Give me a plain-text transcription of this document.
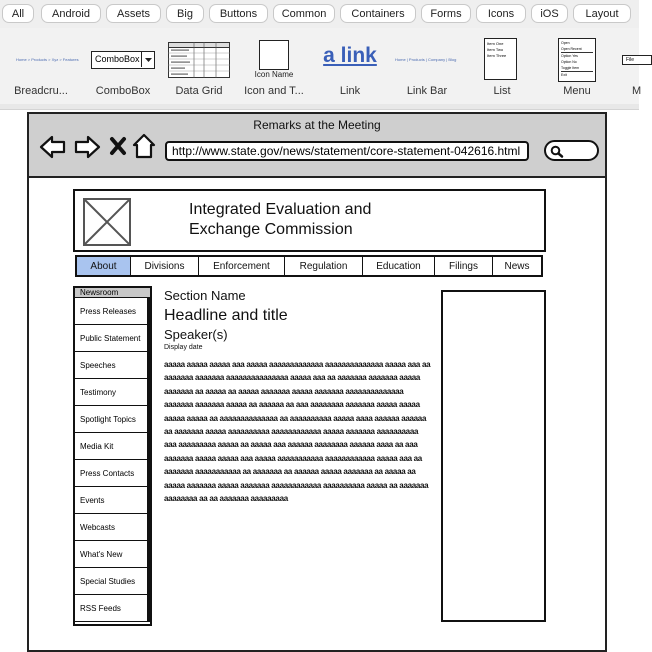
All	Android	Assets	Big	Buttons	Common	Containers	Forms	Icons	iOS	Layout
Home > Products > Xyz > Features
Breadcru...
ComboBox
ComboBox	Data Grid
Icon Name
Icon and T...
a link
Link
Home | Products | Company | Blog
Link Bar
Item One
Item Two
Item Three
List
Open
Open Recent
Option Yes
Option No
Toggle Item
Exit
Menu
File
M
Remarks at the Meeting
http://www.state.gov/news/statement/core-statement-042616.html
Integrated Evaluation and
Exchange Commission
About	Divisions	Enforcement	Regulation	Education	Filings	News
Newsroom
Press Releases
Public Statement
Speeches
Testimony
Spotlight Topics
Media Kit
Press Contacts
Events
Webcasts
What's New
Special Studies
RSS Feeds
Section Name
Headline and title
Speaker(s)
Display date
aaaaa aaaaa aaaaa aaa aaaaa aaaaaaaaaaaaa aaaaaaaaaaaaaa aaaaa aaa aa aaaaaaa aaaaaaa aaaaaaaaaaaaaaa aaaaa aaa aa aaaaaaa aaaaaaa aaaaa aaaaaaa aa aaaaa aa aaaaa aaaaaaa aaaaa aaaaaaa aaaaaaaaaaaaaa aaaaaaa aaaaaaa aaaaa aa aaaaaa aa aaa aaaaaaaa aaaaaaa aaaaa aaaaa aaaaa aaaaa aa aaaaaaaaaaaaaa aa aaaaaaaaaa aaaaa aaaa aaaaaa aaaaaa aa aaaaaaa aaaaa aaaaaaaaaa aaaaaaaaaaaa aaaaa aaaaaaa aaaaaaaaaa aaa aaaaaaaaa aaaaa aa aaaaa aaa aaaaaa aaaaaaaa aaaaaa aaaa aa aaa aaaaaaa aaaaa aaaaa aaa aaaaa aaaaaaaaaaa aaaaaaaaaaaa aaaaa aaa aa aaaaaaa aaaaaaaaaaa aa aaaaaaa aa aaaaaa aaaaa aaaaaaa aa aaaaa aa aaaaa aaaaaaa aaaaa aaaaaaa aaaaaaaaaaaa aaaaaaaaaa aaaaa aa aaaaaaa aaaaaaaa aa aa aaaaaaa aaaaaaaaa
